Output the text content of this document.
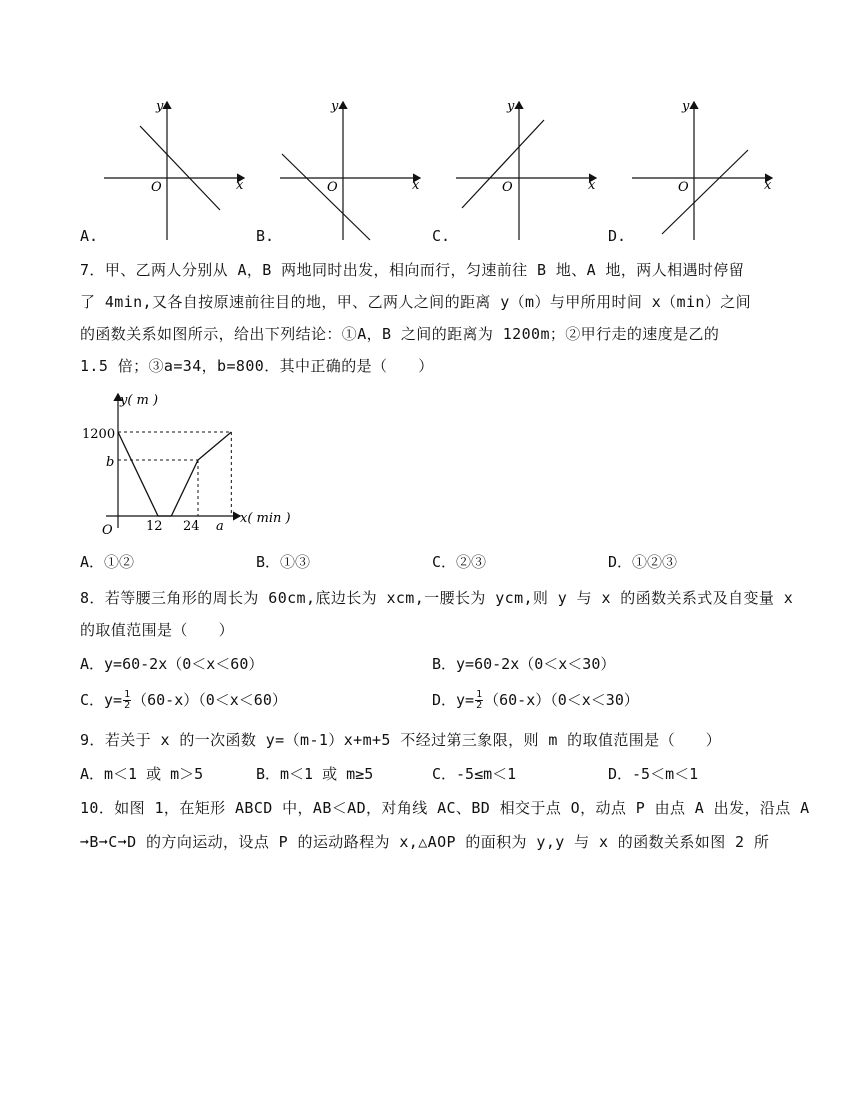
y
x
O
y
x
O
y
x
O
y
x
O
A.	B.	C.	D.
7．甲、乙两人分别从 A，B 两地同时出发，相向而行，匀速前往 B 地、A 地，两人相遇时停留
了 4min,又各自按原速前往目的地，甲、乙两人之间的距离 y（m）与甲所用时间 x（min）之间
的函数关系如图所示，给出下列结论：①A，B 之间的距离为 1200m；②甲行走的速度是乙的
1.5 倍；③a=34，b=800．其中正确的是（　　）
y( m )
x( min )
O
1200
b
12 24 a
A．①②	B．①③	C．②③	D．①②③
8．若等腰三角形的周长为 60cm,底边长为 xcm,一腰长为 ycm,则 y 与 x 的函数关系式及自变量 x
的取值范围是（　　）
A．y=60-2x（0＜x＜60）	B．y=60-2x（0＜x＜30）
C．$y= \frac{1}{2} (60-x)(0<x<60)$	D．$y= \frac{1}{2} (60-x)(0<x<30)$
9．若关于 x 的一次函数 y=（m-1）x+m+5 不经过第三象限，则 m 的取值范围是（　　）
A．m＜1 或 m＞5	B．m＜1 或 m≥5	C．-5≤m＜1	D．-5＜m＜1
10．如图 1，在矩形 ABCD 中，AB＜AD，对角线 AC、BD 相交于点 O，动点 P 由点 A 出发，沿点 A
➞B➞C➞D 的方向运动，设点 P 的运动路程为 x,△AOP 的面积为 y,y 与 x 的函数关系如图 2 所
